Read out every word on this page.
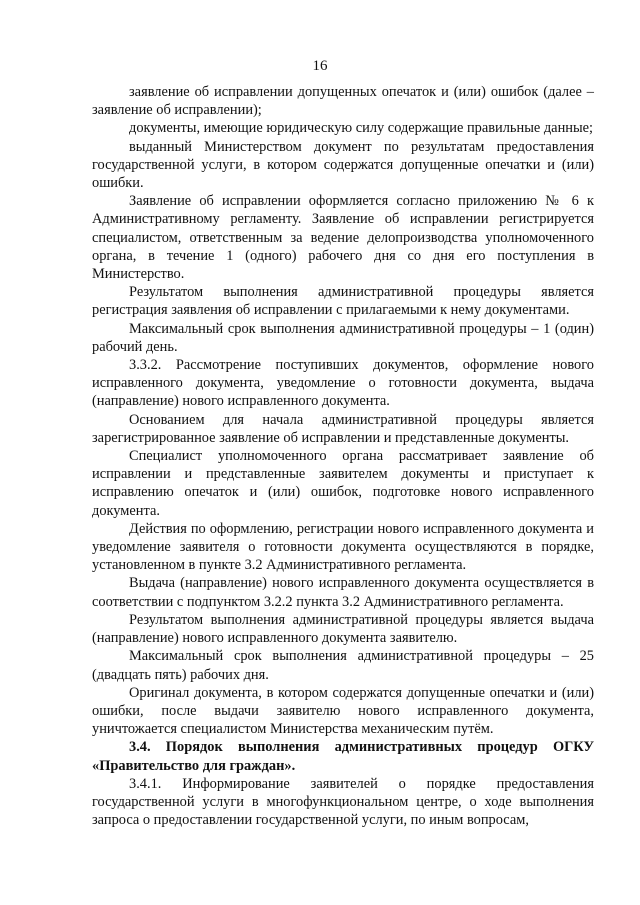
16

заявление об исправлении допущенных опечаток и (или) ошибок (далее – заявление об исправлении);

документы, имеющие юридическую силу содержащие правильные данные;

выданный Министерством документ по результатам предоставления государственной услуги, в котором содержатся допущенные опечатки и (или) ошибки.

Заявление об исправлении оформляется согласно приложению № 6 к Административному регламенту. Заявление об исправлении регистрируется специалистом, ответственным за ведение делопроизводства уполномоченного органа, в течение 1 (одного) рабочего дня со дня его поступления в Министерство.

Результатом выполнения административной процедуры является регистрация заявления об исправлении с прилагаемыми к нему документами.

Максимальный срок выполнения административной процедуры – 1 (один) рабочий день.

3.3.2. Рассмотрение поступивших документов, оформление нового исправленного документа, уведомление о готовности документа, выдача (направление) нового исправленного документа.

Основанием для начала административной процедуры является зарегистрированное заявление об исправлении и представленные документы.

Специалист уполномоченного органа рассматривает заявление об исправлении и представленные заявителем документы и приступает к исправлению опечаток и (или) ошибок, подготовке нового исправленного документа.

Действия по оформлению, регистрации нового исправленного документа и уведомление заявителя о готовности документа осуществляются в порядке, установленном в пункте 3.2 Административного регламента.

Выдача (направление) нового исправленного документа осуществляется в соответствии с подпунктом 3.2.2 пункта 3.2 Административного регламента.

Результатом выполнения административной процедуры является выдача (направление) нового исправленного документа заявителю.

Максимальный срок выполнения административной процедуры – 25 (двадцать пять) рабочих дня.

Оригинал документа, в котором содержатся допущенные опечатки и (или) ошибки, после выдачи заявителю нового исправленного документа, уничтожается специалистом Министерства механическим путём.

3.4. Порядок выполнения административных процедур ОГКУ «Правительство для граждан».

3.4.1. Информирование заявителей о порядке предоставления государственной услуги в многофункциональном центре, о ходе выполнения запроса о предоставлении государственной услуги, по иным вопросам,
